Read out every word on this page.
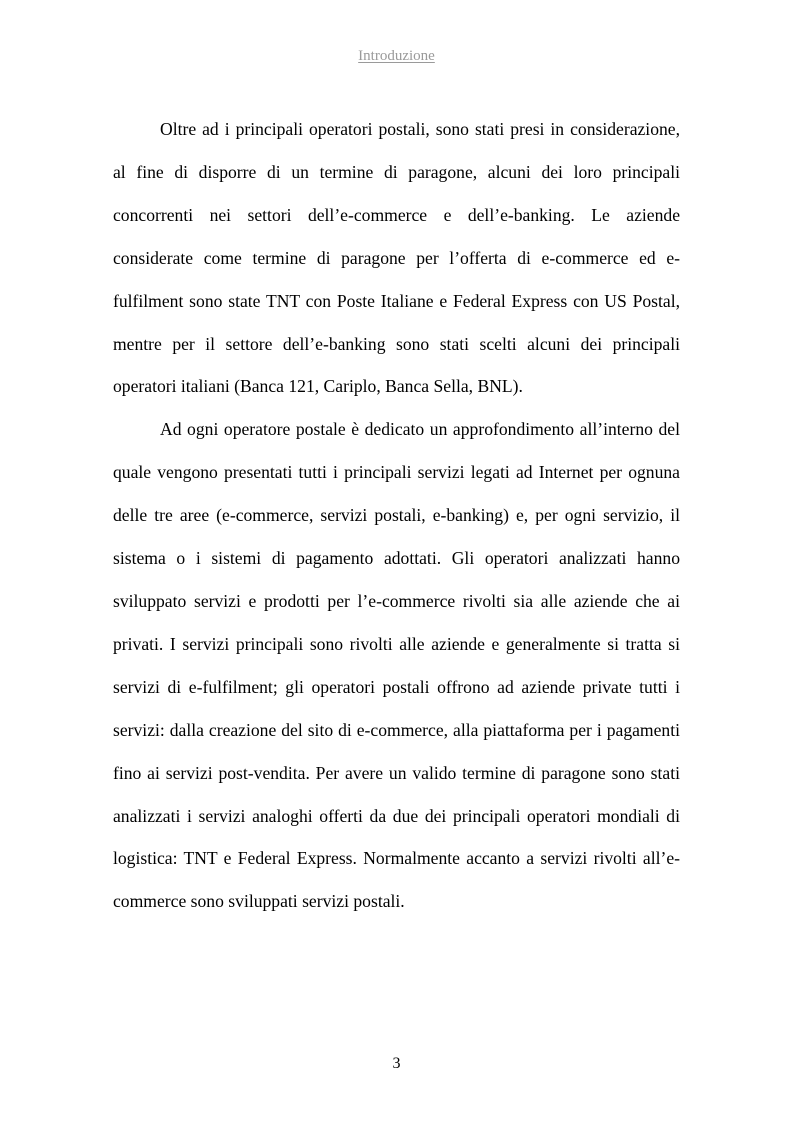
Introduzione

Oltre ad i principali operatori postali, sono stati presi in considerazione, al fine di disporre di un termine di paragone, alcuni dei loro principali concorrenti nei settori dell’e-commerce e dell’e-banking. Le aziende considerate come termine di paragone per l’offerta di e-commerce ed e-fulfilment sono state TNT con Poste Italiane e Federal Express con US Postal, mentre per il settore dell’e-banking sono stati scelti alcuni dei principali operatori italiani (Banca 121, Cariplo, Banca Sella, BNL).

Ad ogni operatore postale è dedicato un approfondimento all’interno del quale vengono presentati tutti i principali servizi legati ad Internet per ognuna delle tre aree (e-commerce, servizi postali, e-banking) e, per ogni servizio, il sistema o i sistemi di pagamento adottati. Gli operatori analizzati hanno sviluppato servizi e prodotti per l’e-commerce rivolti sia alle aziende che ai privati. I servizi principali sono rivolti alle aziende e generalmente si tratta si servizi di e-fulfilment; gli operatori postali offrono ad aziende private tutti i servizi: dalla creazione del sito di e-commerce, alla piattaforma per i pagamenti fino ai servizi post-vendita. Per avere un valido termine di paragone sono stati analizzati i servizi analoghi offerti da due dei principali operatori mondiali di logistica: TNT e Federal Express. Normalmente accanto a servizi rivolti all’e-commerce sono sviluppati servizi postali.

3
